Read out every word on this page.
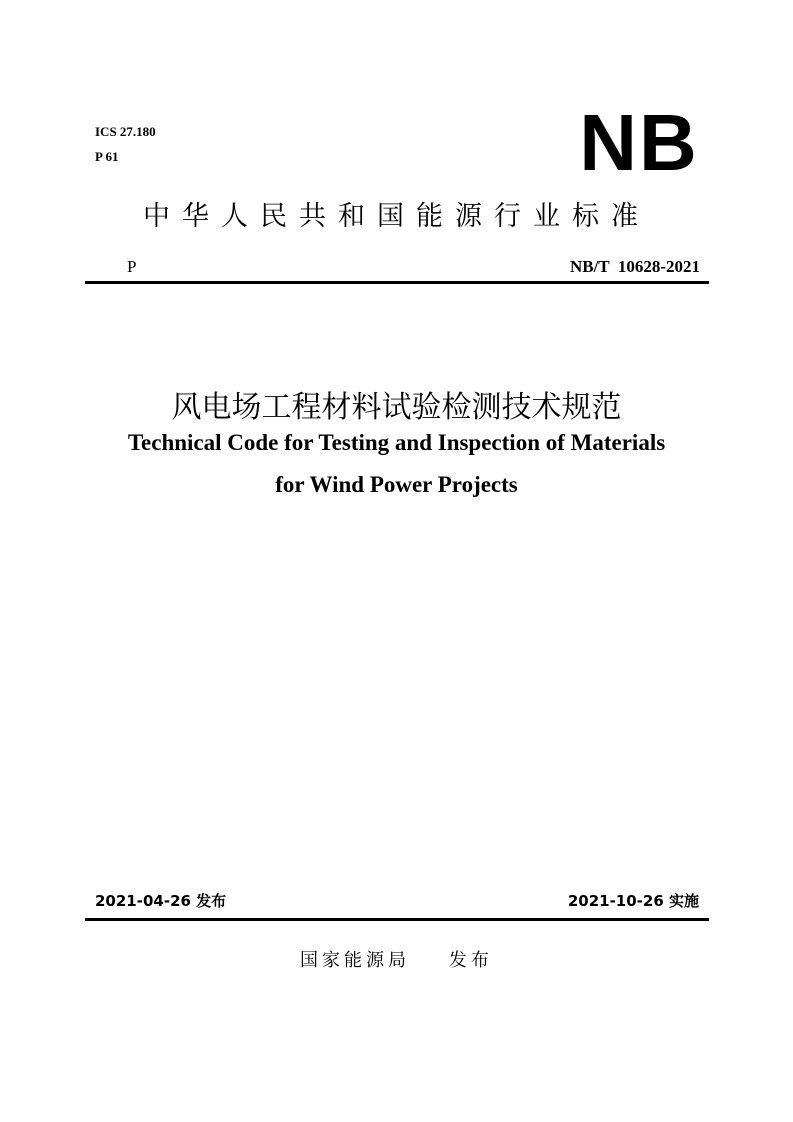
ICS 27.180
P 61	NB
中华人民共和国能源行业标准
P	NB/T  10628-2021
风电场工程材料试验检测技术规范
Technical Code for Testing and Inspection of Materials
for Wind Power Projects
2021-04-26 发布	2021-10-26 实施
国家能源局    发布
